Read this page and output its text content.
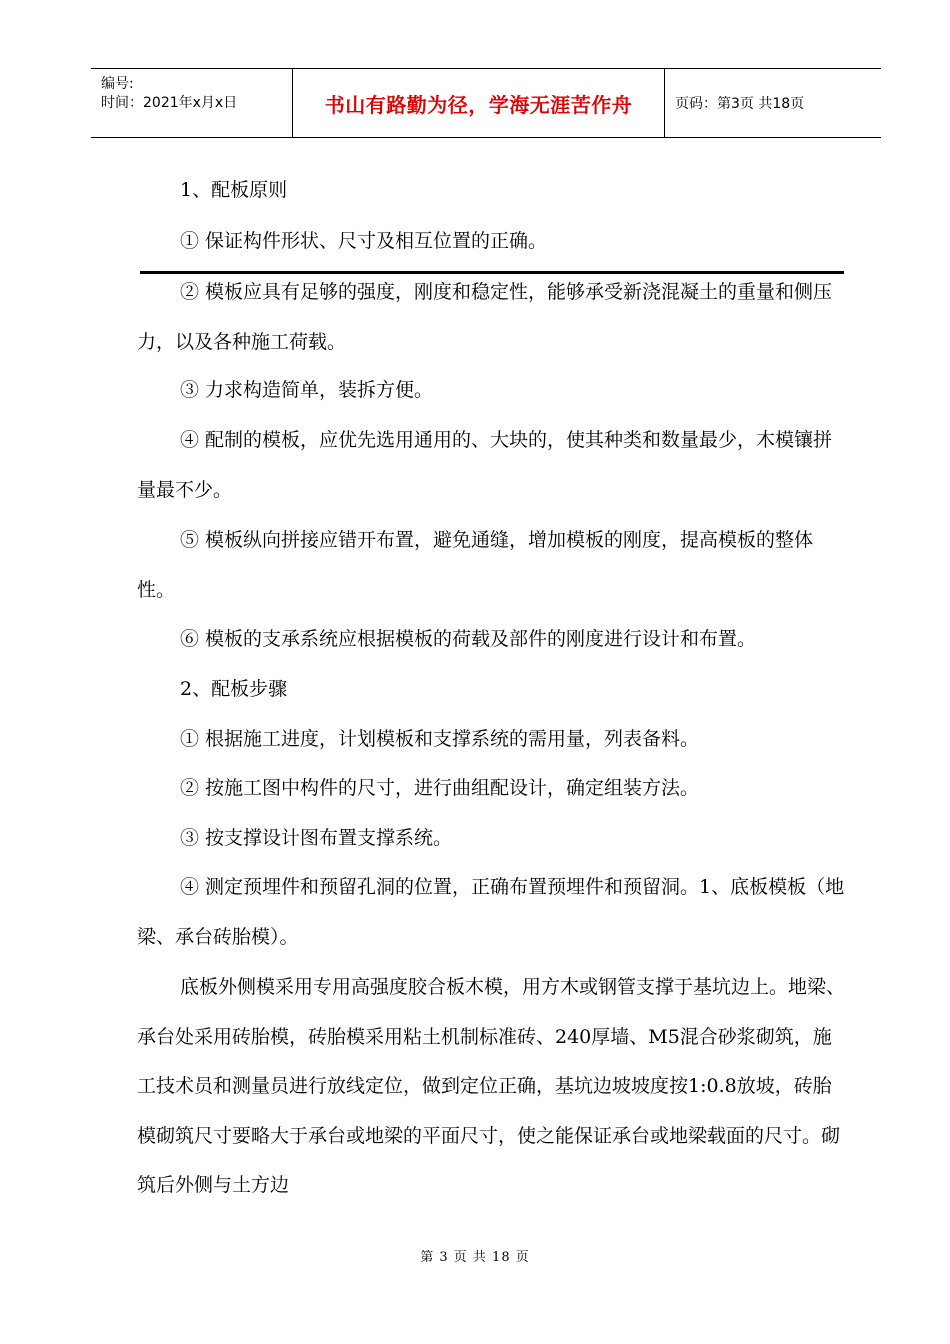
编号:
时间：2021年x月x日	书山有路勤为径，学海无涯苦作舟	页码：第3页 共18页

1、配板原则

① 保证构件形状、尺寸及相互位置的正确。

② 模板应具有足够的强度，刚度和稳定性，能够承受新浇混凝土的重量和侧压力，以及各种施工荷载。

③ 力求构造简单，装拆方便。

④ 配制的模板，应优先选用通用的、大块的，使其种类和数量最少，木模镶拼量最不少。

⑤ 模板纵向拼接应错开布置，避免通缝，增加模板的刚度，提高模板的整体性。

⑥ 模板的支承系统应根据模板的荷载及部件的刚度进行设计和布置。

2、配板步骤

① 根据施工进度，计划模板和支撑系统的需用量，列表备料。

② 按施工图中构件的尺寸，进行曲组配设计，确定组装方法。

③ 按支撑设计图布置支撑系统。

④ 测定预埋件和预留孔洞的位置，正确布置预埋件和预留洞。1、底板模板（地梁、承台砖胎模）。

底板外侧模采用专用高强度胶合板木模，用方木或钢管支撑于基坑边上。地梁、承台处采用砖胎模，砖胎模采用粘土机制标准砖、240厚墙、M5混合砂浆砌筑，施工技术员和测量员进行放线定位，做到定位正确，基坑边坡坡度按1:0.8放坡，砖胎模砌筑尺寸要略大于承台或地梁的平面尺寸，使之能保证承台或地梁载面的尺寸。砌筑后外侧与土方边

第 3 页 共 18 页
